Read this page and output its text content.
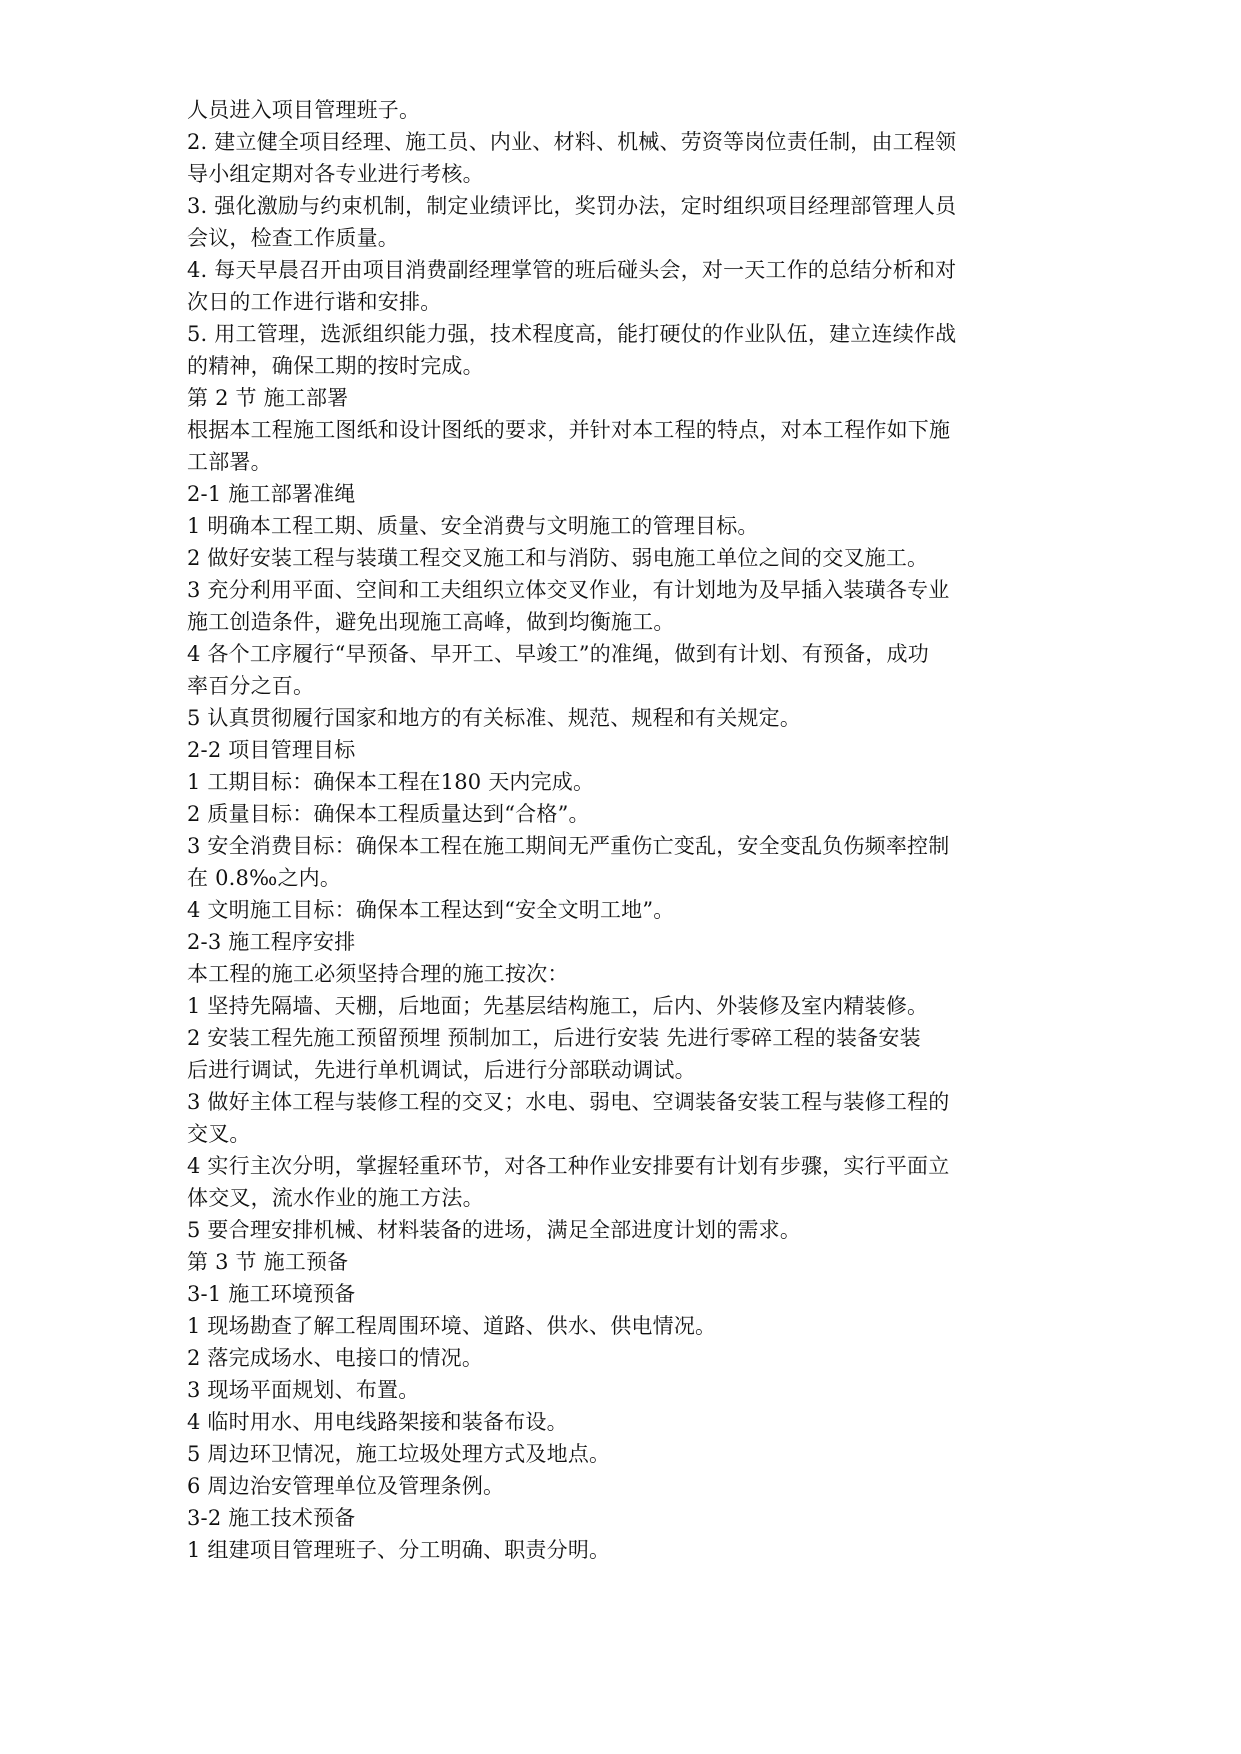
人员进入项目管理班子。
2. 建立健全项目经理、施工员、内业、材料、机械、劳资等岗位责任制，由工程领
导小组定期对各专业进行考核。
3. 强化激励与约束机制，制定业绩评比，奖罚办法，定时组织项目经理部管理人员
会议，检查工作质量。
4. 每天早晨召开由项目消费副经理掌管的班后碰头会，对一天工作的总结分析和对
次日的工作进行谐和安排。
5. 用工管理，选派组织能力强，技术程度高，能打硬仗的作业队伍，建立连续作战
的精神，确保工期的按时完成。
第 2 节 施工部署
根据本工程施工图纸和设计图纸的要求，并针对本工程的特点，对本工程作如下施
工部署。
2-1 施工部署准绳
1 明确本工程工期、质量、安全消费与文明施工的管理目标。
2 做好安装工程与装璜工程交叉施工和与消防、弱电施工单位之间的交叉施工。
3 充分利用平面、空间和工夫组织立体交叉作业，有计划地为及早插入装璜各专业
施工创造条件，避免出现施工高峰，做到均衡施工。
4 各个工序履行“早预备、早开工、早竣工”的准绳，做到有计划、有预备，成功
率百分之百。
5 认真贯彻履行国家和地方的有关标准、规范、规程和有关规定。
2-2 项目管理目标
1 工期目标：确保本工程在180 天内完成。
2 质量目标：确保本工程质量达到“合格”。
3 安全消费目标：确保本工程在施工期间无严重伤亡变乱，安全变乱负伤频率控制
在 0.8‰之内。
4 文明施工目标：确保本工程达到“安全文明工地”。
2-3 施工程序安排
本工程的施工必须坚持合理的施工按次：
1 坚持先隔墙、天棚，后地面；先基层结构施工，后内、外装修及室内精装修。
2 安装工程先施工预留预埋 预制加工，后进行安装 先进行零碎工程的装备安装
后进行调试，先进行单机调试，后进行分部联动调试。
3 做好主体工程与装修工程的交叉；水电、弱电、空调装备安装工程与装修工程的
交叉。
4 实行主次分明，掌握轻重环节，对各工种作业安排要有计划有步骤，实行平面立
体交叉，流水作业的施工方法。
5 要合理安排机械、材料装备的进场，满足全部进度计划的需求。
第 3 节 施工预备
3-1 施工环境预备
1 现场勘查了解工程周围环境、道路、供水、供电情况。
2 落完成场水、电接口的情况。
3 现场平面规划、布置。
4 临时用水、用电线路架接和装备布设。
5 周边环卫情况，施工垃圾处理方式及地点。
6 周边治安管理单位及管理条例。
3-2 施工技术预备
1 组建项目管理班子、分工明确、职责分明。
